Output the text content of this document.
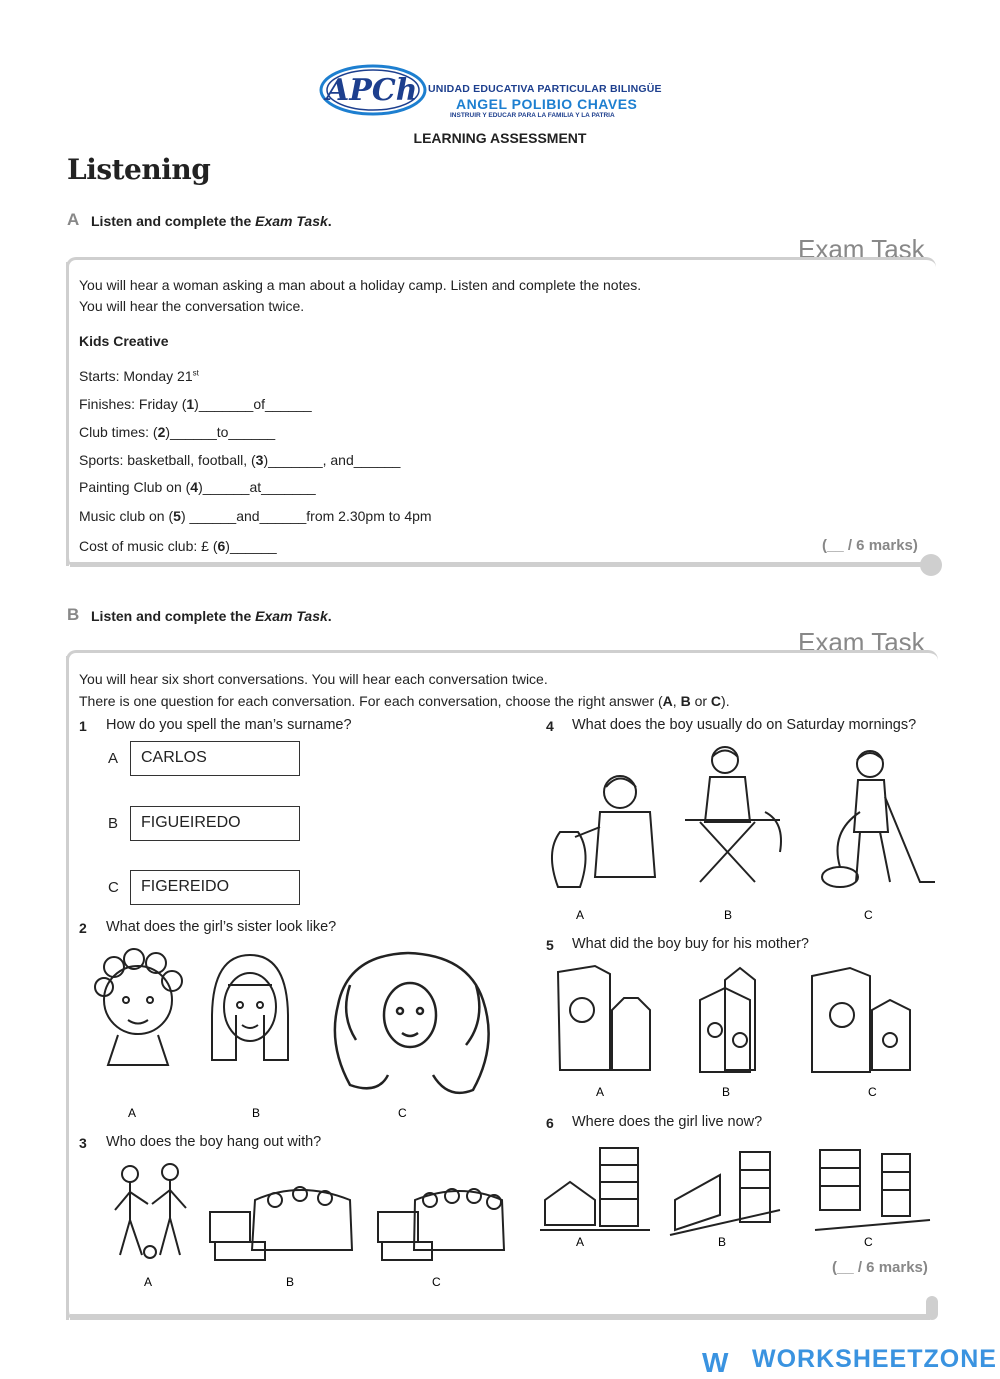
APCh UNIDAD EDUCATIVA PARTICULAR BILINGÜE
ANGEL POLIBIO CHAVES
INSTRUIR Y EDUCAR PARA LA FAMILIA Y LA PATRIA
LEARNING ASSESSMENT
Listening
A Listen and complete the Exam Task.
Exam Task
You will hear a woman asking a man about a holiday camp. Listen and complete the notes.
You will hear the conversation twice.
Kids Creative
Starts: Monday 21st
Finishes: Friday (1)_______of______
Club times: (2)______to______
Sports: basketball, football, (3)_______, and______
Painting Club on (4)______at_______
Music club on (5) ______and______from 2.30pm to 4pm
Cost of music club: £ (6)______	(__ / 6 marks)
B Listen and complete the Exam Task.
Exam Task
You will hear six short conversations. You will hear each conversation twice.
There is one question for each conversation. For each conversation, choose the right answer (A, B or C).
1 How do you spell the man’s surname?
A	CARLOS
B	FIGUEIREDO
C	FIGEREIDO
2 What does the girl’s sister look like?
A	B	C
3 Who does the boy hang out with?
A	B	C
4 What does the boy usually do on Saturday mornings?
A	B	C
5 What did the boy buy for his mother?
A	B	C
6 Where does the girl live now?
A	B	C
(__ / 6 marks)
W WORKSHEETZONE
